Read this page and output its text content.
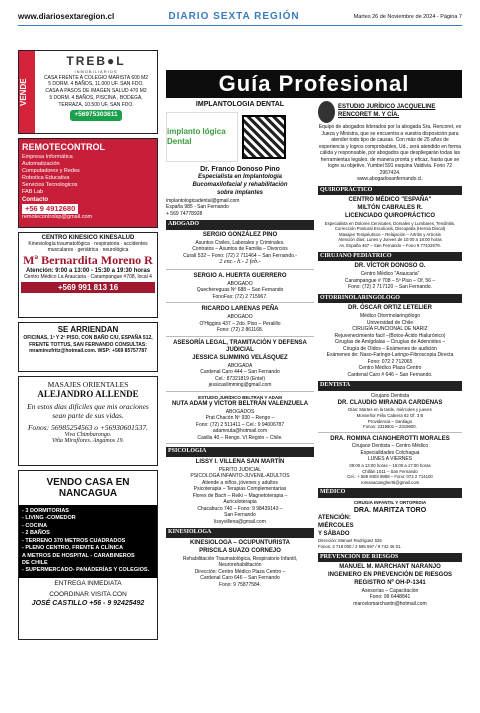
www.diariosextaregion.cl	DIARIO SEXTA REGIÓN	Martes 26 de Noviembre de 2024 - Página 7
VENDE
TREB●L
INMOBILIARIOS
CASA FRENTE A COLEGIO MARISTA 600 M2
5 DORM. 4 BAÑOS, 11.000 UF. SAN FDO.
CASA A PASOS DE IMAGEN SALUD 470 M2
5 DORM. 4 BAÑOS, PISCINA , BODEGA, TERRAZA, 10.500 UF, SAN FDO.
+56975303611
REMOTECONTROL
Empresa Informática
Automatización
Computadores y Redes
Robotica Educativa
Servicios Tecnologicos
FAB Lab
Contacto
+56 9 4912680
remotecontrolsp@gmail.com
CENTRO KINESICO KINESALUD
Kinesiología traumatológica · respiratoria · accidentes musculares · geriátrica · neurológica
Mª Bernardita Moreno R
Atención: 9:00 a 13:00 - 15:30 a 19:30 horas
Centro Médico La Araucaria - Carampangue #708, local 4
+569 991 813 16
SE ARRIENDAN
OFICINAS, 1º Y 2º PISO, CON BAÑO C/U, ESPAÑA 512, FRENTE TOTTUS, SAN FERNANDO CONSULTAS:
mramirezfritz@hotmail.com. WSP: +569 85757787
MASAJES ORIENTALES
ALEJANDRO ALLENDE
En estos días difíciles que mis oraciones sean parte de sus vidas.
Fonos: 56985254563 o +56930601537.
Viva Chimbarongo.
Viña Miraflores. Angamos 19.
VENDO CASA EN NANCAGUA
- 3 DORMITORIAS
- LIVING -COMEDOR
- COCINA
- 2 BAÑOS
- TERRENO 370 METROS CUADRADOS
- PLENO CENTRO, FRENTE A CLÍNICA
A METROS DE HOSPITAL - CARABINEROS
DE CHILE
- SUPERMERCADO- PANADERÍAS Y COLEGIOS.
ENTREGA INMEDIATA
COORDINAR VISITA CON
JOSÉ CASTILLO +56 - 9 92425492
Guía Profesional
IMPLANTOLOGIA DENTAL
implanto lógica Dental
Dr. Franco Donoso Pino
Especialista en Implantología
Bucomaxilofacial y rehabilitación
sobre implantes
implantologicadental@gmail.com
España 985 - San Fernando
+ 569 74778928
ABOGADO
SERGIO GONZÁLEZ PINO
Asuntos Civiles, Laborales y Criminales.
Contratos – Asuntos de Familia – Divorcios
Curalí 532 – Fono: (72) 2 711464 – San Fernando.-
2 enc.- h.- 2 feb.-
SERGIO A. HUERTA GUERRERO
ABOGADO
Quechereguas Nº 688 – San Fernando
FonoFax: (72) 2 715967.
RICARDO LARENAS PEÑA
ABOGADO
O'Higgins 437 – 2do. Piso – Peralillo
Fono: (72) 2 861168.
ASESORÍA LEGAL, TRAMITACIÓN Y DEFENSA JUDICIAL
JESSICA SLIMMING VELÁSQUEZ
ABOGADA
Cardenal Caro 444 – San Fernando
Cel.: 87321819 (Entel)
jessicaslimming@gmail.com
ESTUDIO JURÍDICO BELTRAN Y ADAM
NUTA ADAM y VÍCTOR BELTRÁN VALENZUELA
ABOGADOS
Prat Chacón Nº 930 – Rengo –
Fono: (72) 2 511411 – Cel.: 9 94006787
adamnuta@hotmail.com
Casilla 40 – Rengo. VI Región – Chile.
PSICOLOGIA
LISSY I. VILLENA SAN MARTÍN
PERITO JUDICIAL
PSICOLOGA INFANTO-JUVENIL-ADULTOS
Atiende a niños, jóvenes y adultos
Psicoterapia – Terapias Complementarias
Flores de Bach – Reiki – Magnetoterapia –
Auriculoterapia
Chacabuco 740 – Fono: 9 98439143 –
San Fernando
lissyvillena@gmail.com
KINESIOLOGA
KINESIOLOGA – OCUPUNTURISTA
PRISCILA SUAZO CORNEJO
Rehabilitación Traumatológica, Respiratorio Infantil, Neurorehabilitación
Dirección: Centro Médico Plaza Centro –
Cardenal Caro 646 – San Fernando
Fono: 9 75877584.
ESTUDIO JURÍDICO JACQUELINE RENCORET M. Y CÍA.
Equipo de abogados liderados por la abogada Sra. Rencoret, ex Jueza y Ministra, que se encuentra a vuestra disposición para atender todo tipo de causas. Con más de 25 años de experiencia y logros comprobables, Ud., será atendido en forma cálida y responsable, por abogados que despliegarán todas las herramientas legales, de manera pronta y eficaz, hasta que se logre su objetivo. Yumbel 591 esquina Valdivia. Fono 72 2967424.
www.abogadosanfernando.cl.
QUIROPRÁCTICO
CENTRO MÉDICO "ESPAÑA"
MILTÓN CABRALES R.
LICENCIADO QUIROPRÁCTICO
Especialista en Dolores Cervicales, Dorsales y Lumbares, Tendinitis, Corrección Postural Escoliosis, Discopatía (Hernia Discal)
Masajes Terapéuticos – Relajación – Artritis y Artrosis
Atención días: Lunes y Jueves de 10:00 a 18:00 horas
Av. España 467 – San Fernando – Fono 9 77432979.
CIRUJANO PEDIÁTRICO
DR. VÍCTOR DONOSO O.
Centro Médico "Araucaria"
Carampangue # 708 – 5º Piso – Of. 56 –
Fono: (72) 2 717120 – San Fernando.
OTORRINOLARINGÓLOGO
DR. ÓSCAR ORTIZ LETELIER
Médico Otorrinolaringólogo
Universidad de Chile
CIRUGÍA FUNCIONAL DE NARIZ
Rejuvenecimiento facil –(Botox-Ácido Hialurónico)
Cirugías de Amígdalas – Cirugías de Adenoides –
Cirugía de Oídos – Exámenes de audición
Exámenes de: Naso-Faringo-Laringo-Fibroscopia Directa
Fono: 072 2 712065
Centro Médico Plaza Centro
Cardenal Caro # 646 – San Fernando.
DENTISTA
Cirujano Dentista
DR. CLAUDIO MIRANDA CARDENAS
Días: Martes en la tarde, miércoles y jueves
Monseñor Félix Cabrera 62 Of. 3 B
Providencia – Santiago
Fonos: 2319601 – 2319600.
DRA. ROMINA CIANGHEROTTI MORALES
Cirujano Dentista – Centro Médico
Especialidades Colchagua
LUNES A VIERNES
09:00 a 13:00 horas – 16:00 a 17:00 horas
Chillán 1011 – San Fernando
Cel.: + 569 9403 9888 – Fono: 072 2 714100
romanacianghertti@gmail.com
MÉDICO
CIRUGIA INFANTIL Y ORTOPEDIA
DRA. MARITZA TORO
ATENCIÓN:
MIÉRCOLES
Y SÁBADO
Dirección: Manuel Rodríguez 525
Fonos: 2 718 000 / 2 585 597 / 9 742 46 01.
PREVENCIÓN DE RIESGOS
MANUEL M. MARCHANT NARANJO
INGENIERO EN PREVENCIÓN DE RIESGOS
REGISTRO Nº OH-P-1341
Asesorías – Capacitación
Fono: 99 6448841
marcelomarchantn@hotmail.com
